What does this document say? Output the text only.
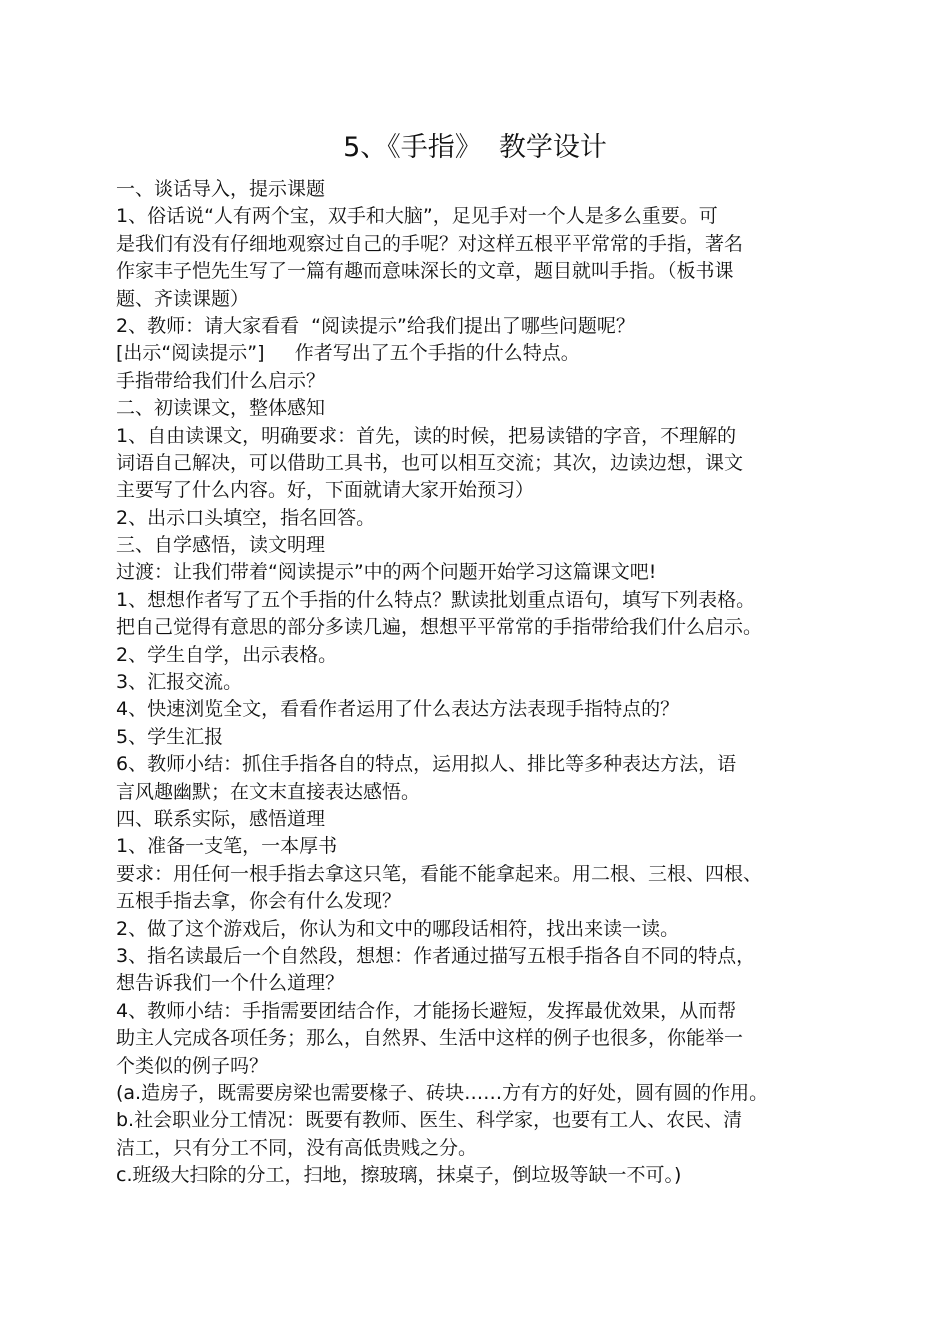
5、《手指》  教学设计
一、谈话导入，提示课题
1、俗话说“人有两个宝，双手和大脑”，足见手对一个人是多么重要。可
是我们有没有仔细地观察过自己的手呢？对这样五根平平常常的手指，著名
作家丰子恺先生写了一篇有趣而意味深长的文章，题目就叫手指。（板书课
题、齐读课题）
2、教师：请大家看看  “阅读提示”给我们提出了哪些问题呢？
[出示“阅读提示”]     作者写出了五个手指的什么特点。
手指带给我们什么启示？
二、初读课文，整体感知
1、自由读课文，明确要求：首先，读的时候，把易读错的字音，不理解的
词语自己解决，可以借助工具书，也可以相互交流；其次，边读边想，课文
主要写了什么内容。好，下面就请大家开始预习）
2、出示口头填空，指名回答。
三、自学感悟，读文明理
过渡：让我们带着“阅读提示”中的两个问题开始学习这篇课文吧!
1、想想作者写了五个手指的什么特点？默读批划重点语句，填写下列表格。
把自己觉得有意思的部分多读几遍，想想平平常常的手指带给我们什么启示。
2、学生自学，出示表格。
3、汇报交流。
4、快速浏览全文，看看作者运用了什么表达方法表现手指特点的？
5、学生汇报
6、教师小结：抓住手指各自的特点，运用拟人、排比等多种表达方法，语
言风趣幽默；在文末直接表达感悟。
四、联系实际，感悟道理
1、准备一支笔，一本厚书
要求：用任何一根手指去拿这只笔，看能不能拿起来。用二根、三根、四根、
五根手指去拿，你会有什么发现？
2、做了这个游戏后，你认为和文中的哪段话相符，找出来读一读。
3、指名读最后一个自然段，想想：作者通过描写五根手指各自不同的特点，
想告诉我们一个什么道理？
4、教师小结：手指需要团结合作，才能扬长避短，发挥最优效果，从而帮
助主人完成各项任务；那么，自然界、生活中这样的例子也很多，你能举一
个类似的例子吗？
(a.造房子，既需要房梁也需要椽子、砖块……方有方的好处，圆有圆的作用。
b.社会职业分工情况：既要有教师、医生、科学家，也要有工人、农民、清
洁工，只有分工不同，没有高低贵贱之分。
c.班级大扫除的分工，扫地，擦玻璃，抹桌子，倒垃圾等缺一不可。)
